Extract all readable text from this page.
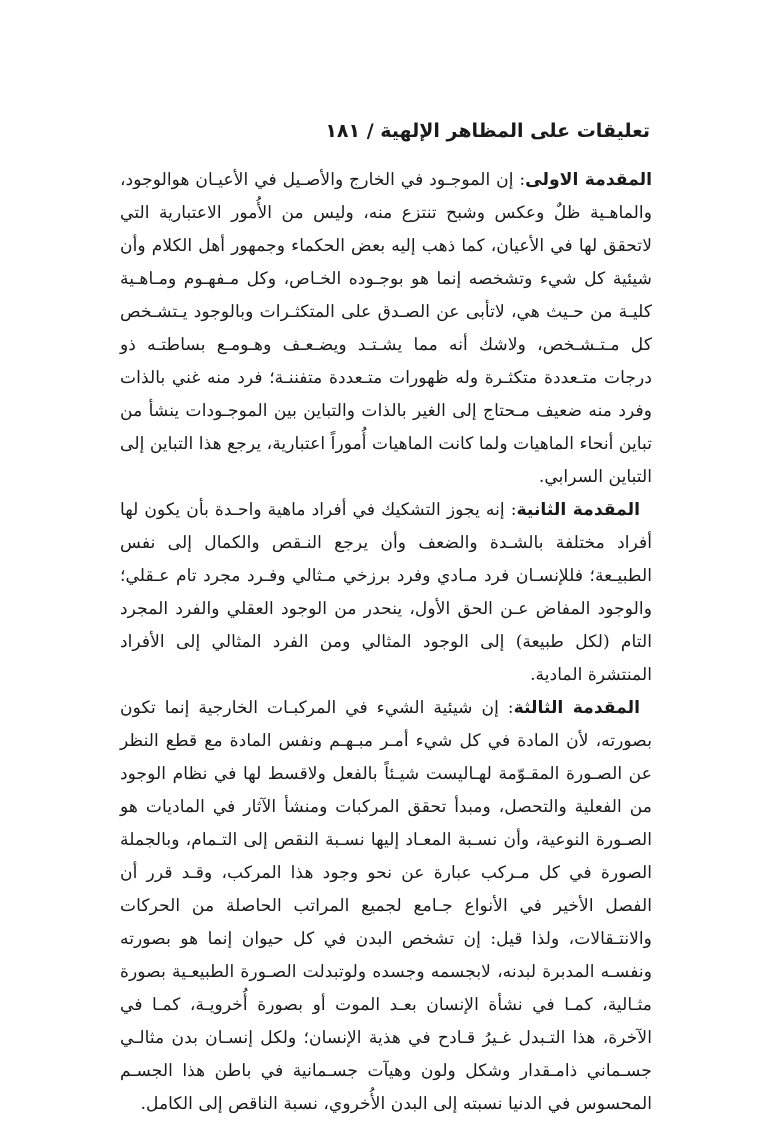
تعليقات على المظاهر الإلهية / ١٨١

المقدمة الاولى: إن الموجـود في الخارج والأصـيل في الأعيـان هوالوجود، والماهـية ظلٌ وعكس وشبح تنتزع منه، وليس من الأُمور الاعتبارية التي لاتحقق لها في الأعيان، كما ذهب إليه بعض الحكماء وجمهور أهل الكلام وأن شيئية كل شيء وتشخصه إنما هو بوجـوده الخـاص، وكل مـفهـوم ومـاهـية كليـة من حـيث هي، لاتأبى عن الصـدق على المتكثـرات وبالوجود يـتشـخص كل مـتـشـخص، ولاشك أنه مما يشـتـد ويضـعـف وهـومـع بساطتـه ذو درجات متـعددة متكثـرة وله ظهورات متـعددة متفننـة؛ فرد منه غني بالذات وفرد منه ضعيف مـحتاج إلى الغير بالذات والتباين بين الموجـودات ينشأ من تباين أنحاء الماهيات ولما كانت الماهيات أُموراً اعتبارية، يرجع هذا التباين إلى التباين السرابي.

المقدمة الثانية: إنه يجوز التشكيك في أفراد ماهية واحـدة بأن يكون لها أفراد مختلفة بالشـدة والضعف وأن يرجع النـقص والكمال إلى نفس الطبيـعة؛ فللإنسـان فرد مـادي وفرد برزخي مـثالي وفـرد مجرد تام عـقلي؛ والوجود المفاض عـن الحق الأول، ينحدر من الوجود العقلي والفرد المجرد التام (لكل طبيعة) إلى الوجود المثالي ومن الفرد المثالي إلى الأفراد المنتشرة المادية.

المقدمة الثالثة: إن شيئية الشيء في المركبـات الخارجية إنما تكون بصورته، لأن المادة في كل شيء أمـر مبـهـم ونفس المادة مع قطع النظر عن الصـورة المقـوّمة لهـاليست شيـئاً بالفعل ولاقسط لها في نظام الوجود من الفعلية والتحصل، ومبدأ تحقق المركبات ومنشأ الآثار في الماديات هو الصـورة النوعية، وأن نسـبة المعـاد إليها نسـبة النقص إلى التـمام، وبالجملة الصورة في كل مـركب عبارة عن نحو وجود هذا المركب، وقـد قرر أن الفصل الأخير في الأنواع جـامع لجميع المراتب الحاصلة من الحركات والانتـقالات، ولذا قيل: إن تشخص البدن في كل حيوان إنما هو بصورته ونفسـه المدبرة لبدنه، لابجسمه وجسده ولوتبدلت الصـورة الطبيعـية بصورة مثـالية، كمـا في نشأة الإنسان بعـد الموت أو بصورة أُخرويـة، كمـا في الآخرة، هذا التـبدل غـيرُ قـادح في هذية الإنسان؛ ولكل إنسـان بدن مثالـي جسـماني ذامـقدار وشكل ولون وهيآت جسـمانية في باطن هذا الجسـم المحسوس في الدنيا نسبته إلى البدن الأُخروي، نسبة الناقص إلى الكامل.
